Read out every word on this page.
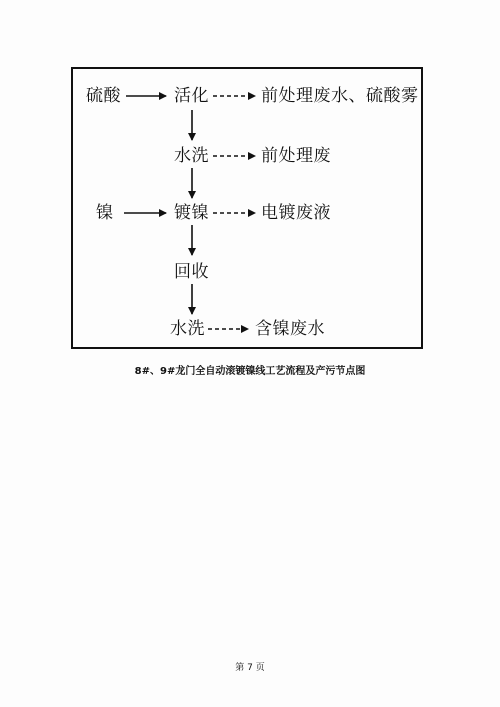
硫酸	活化	前处理废水、硫酸雾
水洗	前处理废
镍	镀镍	电镀废液
回收
水洗	含镍废水
8#、9#龙门全自动滚镀镍线工艺流程及产污节点图
第 7 页
